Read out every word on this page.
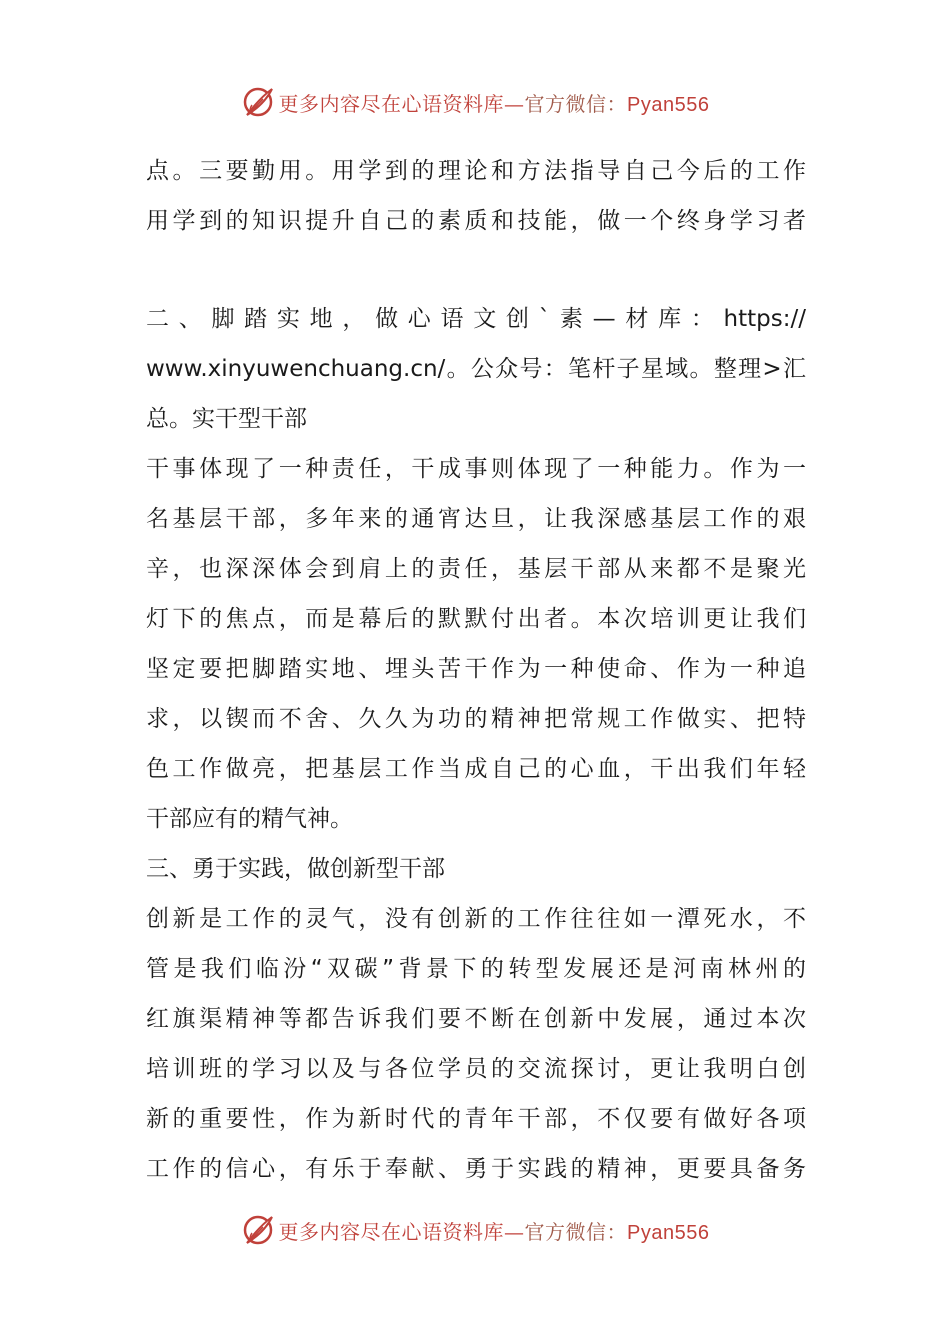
更多内容尽在心语资料库—官方微信：Pyan556
点。三要勤用。用学到的理论和方法指导自己今后的工作
用学到的知识提升自己的素质和技能，做一个终身学习者
二、脚踏实地，做心语文创`素—材库：https://
www.xinyuwenchuang.cn/。公众号：笔杆子星域。整理>汇
总。实干型干部
干事体现了一种责任，干成事则体现了一种能力。作为一
名基层干部，多年来的通宵达旦，让我深感基层工作的艰
辛，也深深体会到肩上的责任，基层干部从来都不是聚光
灯下的焦点，而是幕后的默默付出者。本次培训更让我们
坚定要把脚踏实地、埋头苦干作为一种使命、作为一种追
求，以锲而不舍、久久为功的精神把常规工作做实、把特
色工作做亮，把基层工作当成自己的心血，干出我们年轻
干部应有的精气神。
三、勇于实践，做创新型干部
创新是工作的灵气，没有创新的工作往往如一潭死水，不
管是我们临汾“双碳”背景下的转型发展还是河南林州的
红旗渠精神等都告诉我们要不断在创新中发展，通过本次
培训班的学习以及与各位学员的交流探讨，更让我明白创
新的重要性，作为新时代的青年干部，不仅要有做好各项
工作的信心，有乐于奉献、勇于实践的精神，更要具备务
更多内容尽在心语资料库—官方微信：Pyan556
